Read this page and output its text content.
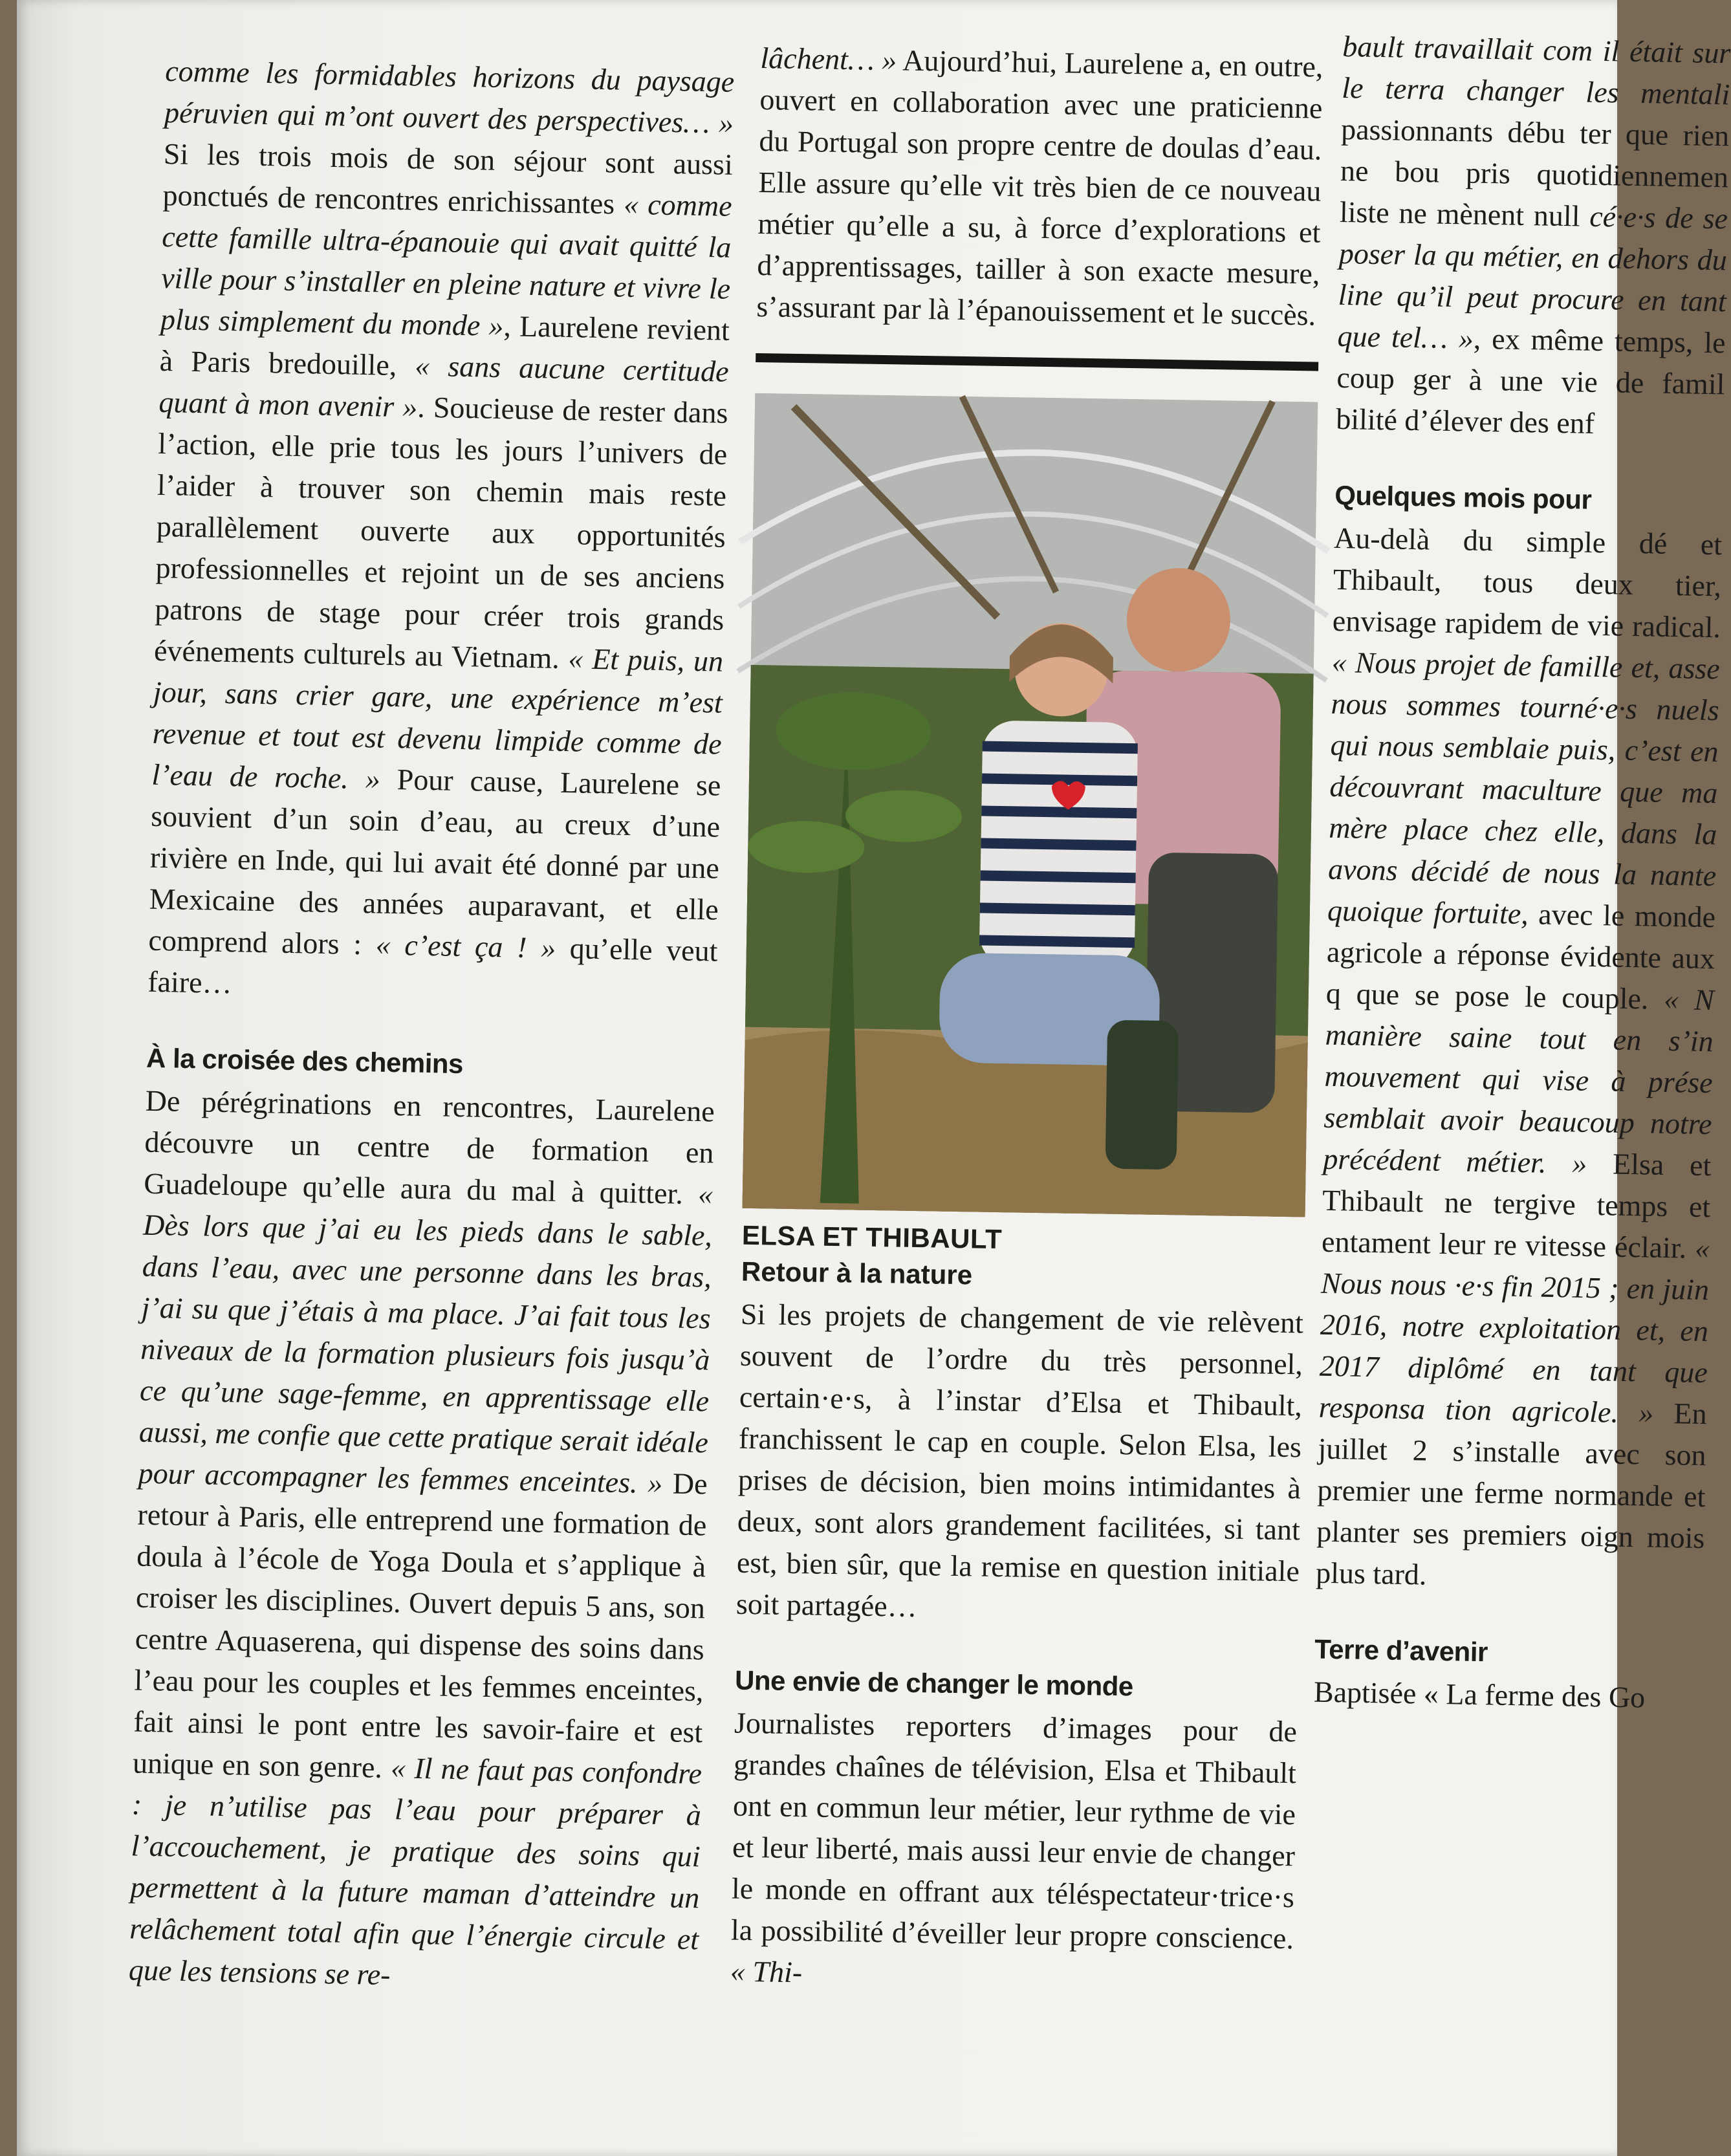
comme les formidables horizons du paysage péruvien qui m’ont ouvert des perspectives… » Si les trois mois de son séjour sont aussi ponctués de rencontres enrichissantes « comme cette famille ultra-épanouie qui avait quitté la ville pour s’installer en pleine nature et vivre le plus simplement du monde », Laurelene revient à Paris bredouille, « sans aucune certitude quant à mon avenir ». Soucieuse de rester dans l’action, elle prie tous les jours l’univers de l’aider à trouver son chemin mais reste parallèlement ouverte aux opportunités professionnelles et rejoint un de ses anciens patrons de stage pour créer trois grands événements culturels au Vietnam. « Et puis, un jour, sans crier gare, une expérience m’est revenue et tout est devenu limpide comme de l’eau de roche. » Pour cause, Laurelene se souvient d’un soin d’eau, au creux d’une rivière en Inde, qui lui avait été donné par une Mexicaine des années auparavant, et elle comprend alors : « c’est ça ! » qu’elle veut faire…

À la croisée des chemins

De pérégrinations en rencontres, Laurelene découvre un centre de formation en Guadeloupe qu’elle aura du mal à quitter. « Dès lors que j’ai eu les pieds dans le sable, dans l’eau, avec une personne dans les bras, j’ai su que j’étais à ma place. J’ai fait tous les niveaux de la formation plusieurs fois jusqu’à ce qu’une sage-femme, en apprentissage elle aussi, me confie que cette pratique serait idéale pour accompagner les femmes enceintes. » De retour à Paris, elle entreprend une formation de doula à l’école de Yoga Doula et s’applique à croiser les disciplines. Ouvert depuis 5 ans, son centre Aquaserena, qui dispense des soins dans l’eau pour les couples et les femmes enceintes, fait ainsi le pont entre les savoir-faire et est unique en son genre. « Il ne faut pas confondre : je n’utilise pas l’eau pour préparer à l’accouchement, je pratique des soins qui permettent à la future maman d’atteindre un relâchement total afin que l’énergie circule et que les tensions se re-

lâchent… » Aujourd’hui, Laurelene a, en outre, ouvert en collaboration avec une praticienne du Portugal son propre centre de doulas d’eau. Elle assure qu’elle vit très bien de ce nouveau métier qu’elle a su, à force d’explorations et d’apprentissages, tailler à son exacte mesure, s’assurant par là l’épanouissement et le succès.

ELSA ET THIBAULT
Retour à la nature

Si les projets de changement de vie relèvent souvent de l’ordre du très personnel, certain·e·s, à l’instar d’Elsa et Thibault, franchissent le cap en couple. Selon Elsa, les prises de décision, bien moins intimidantes à deux, sont alors grandement facilitées, si tant est, bien sûr, que la remise en question initiale soit partagée…

Une envie de changer le monde

Journalistes reporters d’images pour de grandes chaînes de télévision, Elsa et Thibault ont en commun leur métier, leur rythme de vie et leur liberté, mais aussi leur envie de changer le monde en offrant aux téléspectateur·trice·s la possibilité d’éveiller leur propre conscience. « Thi-

bault travaillait com il était sur le terra changer les mentali passionnants débu ter que rien ne bou pris quotidiennemen liste ne mènent null cé·e·s de se poser la qu métier, en dehors du line qu’il peut procure en tant que tel… », ex même temps, le coup ger à une vie de famil bilité d’élever des enf

Quelques mois pour

Au-delà du simple dé et Thibault, tous deux tier, envisage rapidem de vie radical. « Nous projet de famille et, asse nous sommes tourné·e·s nuels qui nous semblaie puis, c’est en découvrant maculture que ma mère place chez elle, dans la avons décidé de nous la nante quoique fortuite, avec le monde agricole a réponse évidente aux q que se pose le couple. « N manière saine tout en s’in mouvement qui vise à prése semblait avoir beaucoup notre précédent métier. » Elsa et Thibault ne tergive temps et entament leur re vitesse éclair. « Nous nous ·e·s fin 2015 ; en juin 2016, notre exploitation et, en 2017 diplômé en tant que responsa tion agricole. » En juillet 2 s’installe avec son premier une ferme normande et planter ses premiers oign mois plus tard.

Terre d’avenir

Baptisée « La ferme des Go
